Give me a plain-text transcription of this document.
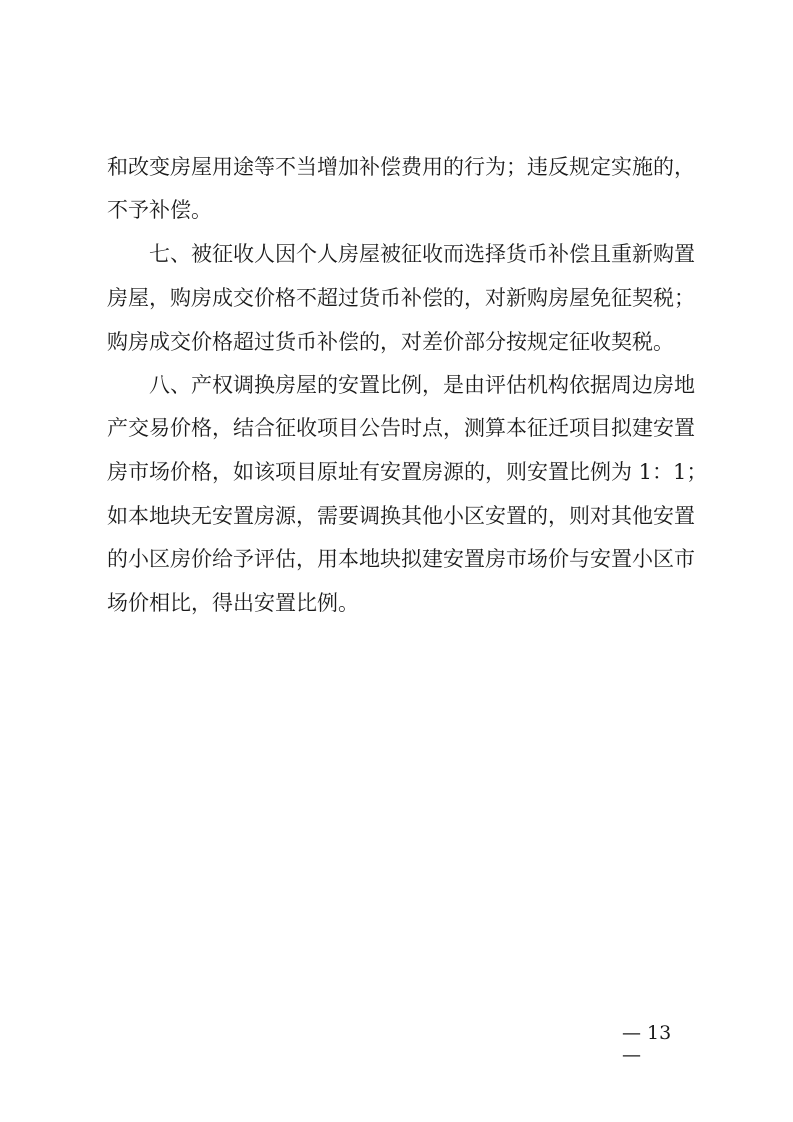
和改变房屋用途等不当增加补偿费用的行为；违反规定实施的，
不予补偿。
七、被征收人因个人房屋被征收而选择货币补偿且重新购置
房屋，购房成交价格不超过货币补偿的，对新购房屋免征契税；
购房成交价格超过货币补偿的，对差价部分按规定征收契税。
八、产权调换房屋的安置比例，是由评估机构依据周边房地
产交易价格，结合征收项目公告时点，测算本征迁项目拟建安置
房市场价格，如该项目原址有安置房源的，则安置比例为 1：1；
如本地块无安置房源，需要调换其他小区安置的，则对其他安置
的小区房价给予评估，用本地块拟建安置房市场价与安置小区市
场价相比，得出安置比例。
— 13
—
